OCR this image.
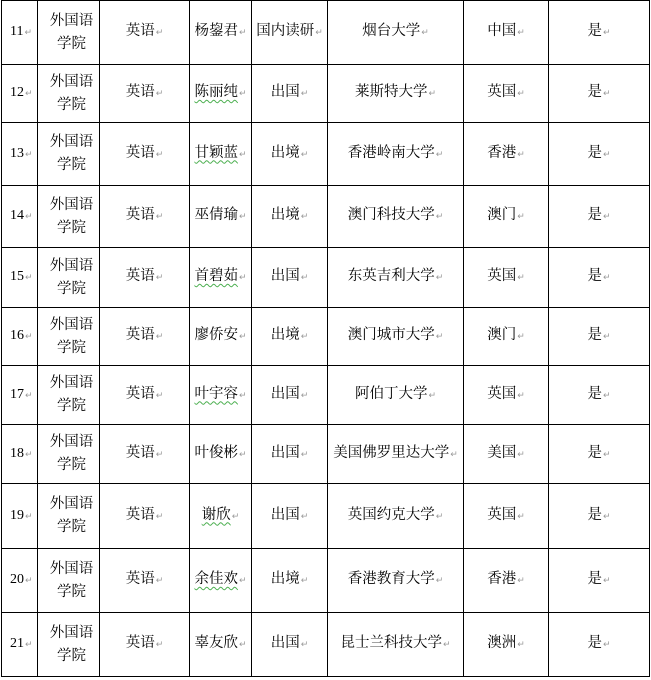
11↵	外国语
学院	英语↵	杨鋆君↵	国内读研↵	烟台大学↵	中国↵	是↵
12↵	外国语
学院	英语↵	陈丽纯↵	出国↵	莱斯特大学↵	英国↵	是↵
13↵	外国语
学院	英语↵	甘颖蓝↵	出境↵	香港岭南大学↵	香港↵	是↵
14↵	外国语
学院	英语↵	巫倩瑜↵	出境↵	澳门科技大学↵	澳门↵	是↵
15↵	外国语
学院	英语↵	首碧茹↵	出国↵	东英吉利大学↵	英国↵	是↵
16↵	外国语
学院	英语↵	廖侨安↵	出境↵	澳门城市大学↵	澳门↵	是↵
17↵	外国语
学院	英语↵	叶宇容↵	出国↵	阿伯丁大学↵	英国↵	是↵
18↵	外国语
学院	英语↵	叶俊彬↵	出国↵	美国佛罗里达大学↵	美国↵	是↵
19↵	外国语
学院	英语↵	谢欣↵	出国↵	英国约克大学↵	英国↵	是↵
20↵	外国语
学院	英语↵	余佳欢↵	出境↵	香港教育大学↵	香港↵	是↵
21↵	外国语
学院	英语↵	辜友欣↵	出国↵	昆士兰科技大学↵	澳洲↵	是↵
